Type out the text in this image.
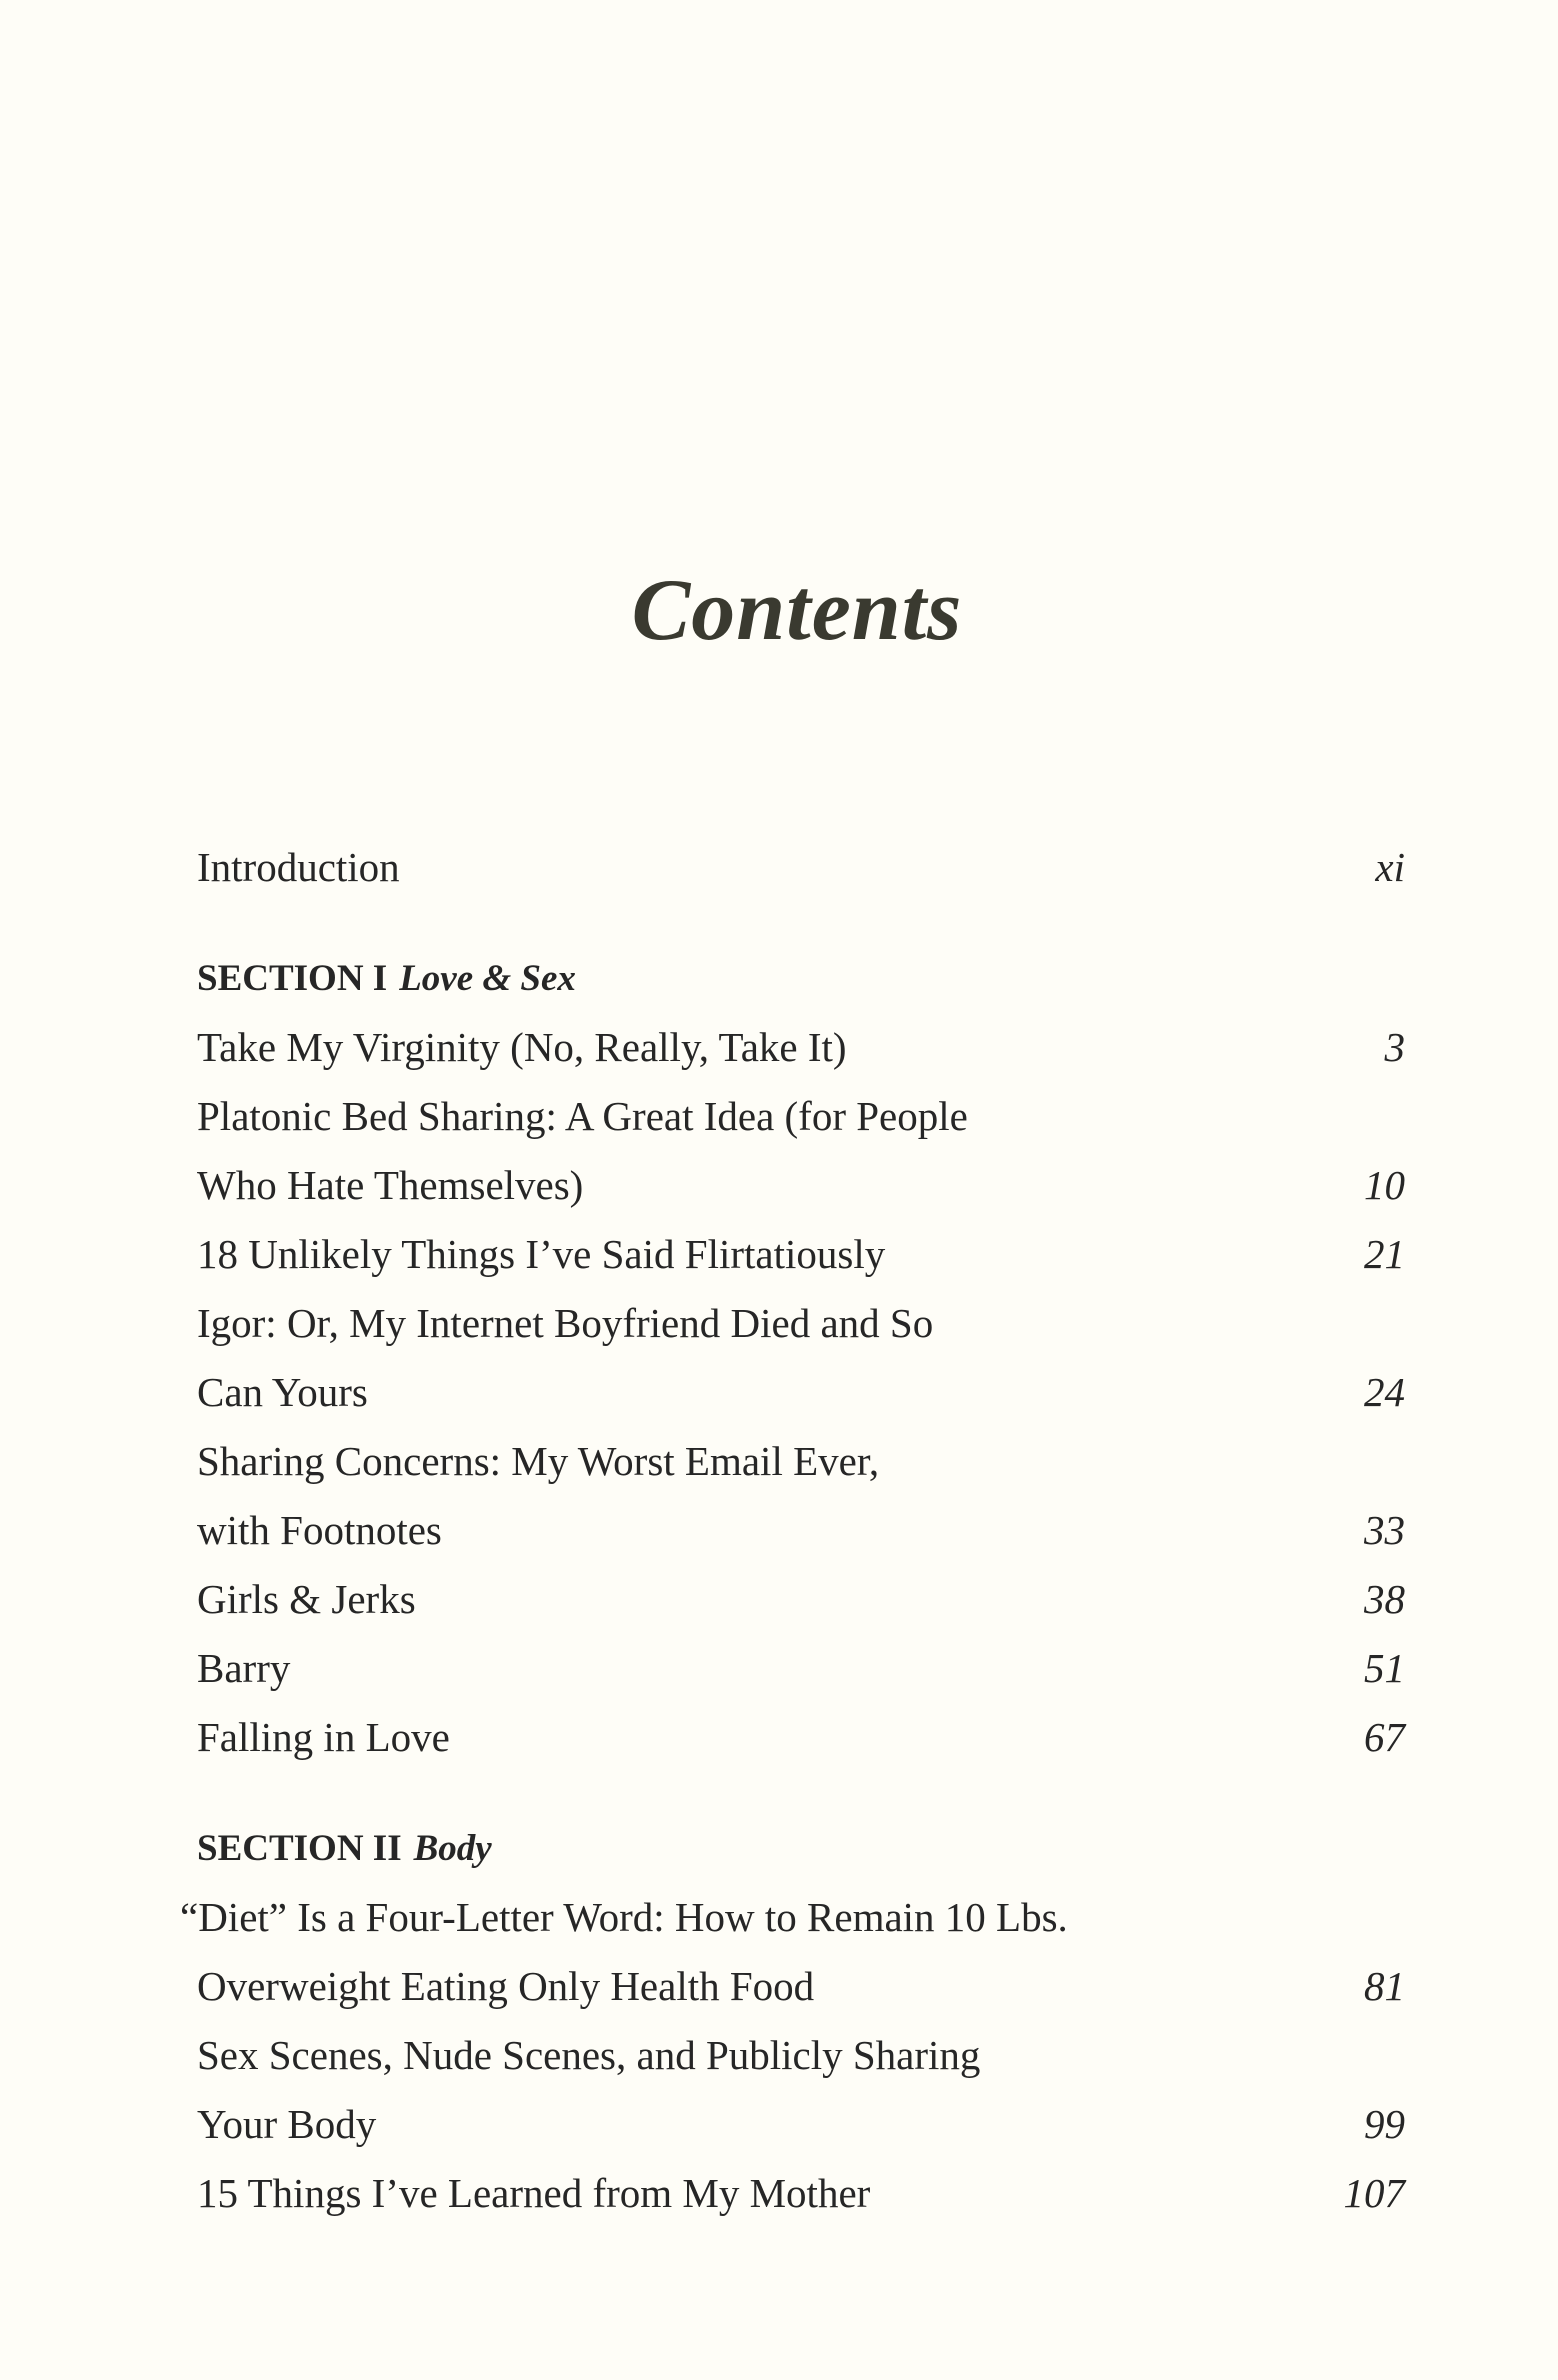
Contents
Introduction	xi
SECTION I Love & Sex
Take My Virginity (No, Really, Take It)	3
Platonic Bed Sharing: A Great Idea (for People
Who Hate Themselves)	10
18 Unlikely Things I’ve Said Flirtatiously	21
Igor: Or, My Internet Boyfriend Died and So
Can Yours	24
Sharing Concerns: My Worst Email Ever,
with Footnotes	33
Girls & Jerks	38
Barry	51
Falling in Love	67
SECTION II Body
“Diet” Is a Four-Letter Word: How to Remain 10 Lbs.
Overweight Eating Only Health Food	81
Sex Scenes, Nude Scenes, and Publicly Sharing
Your Body	99
15 Things I’ve Learned from My Mother	107
